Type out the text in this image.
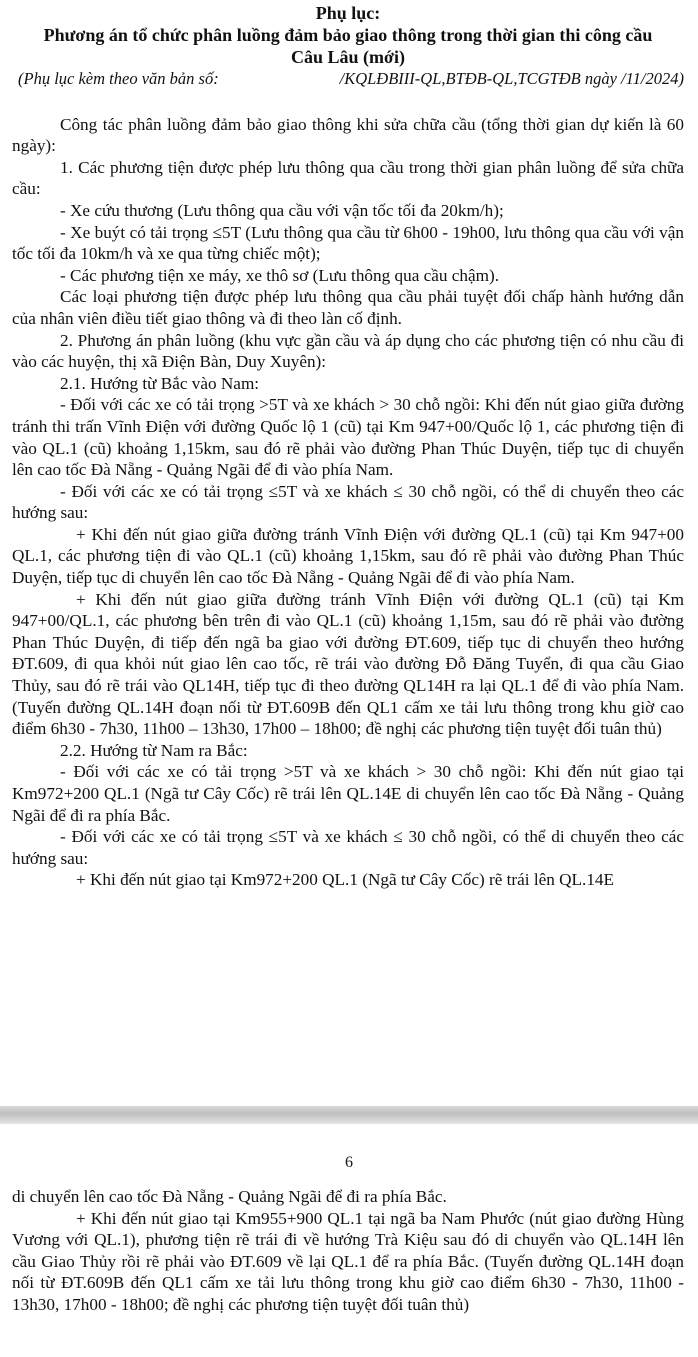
Phụ lục:

Phương án tổ chức phân luồng đảm bảo giao thông trong thời gian thi công cầu

Câu Lâu (mới)

(Phụ lục kèm theo văn bản số:	/KQLĐBIII-QL,BTĐB-QL,TCGTĐB ngày /11/2024)

Công tác phân luồng đảm bảo giao thông khi sửa chữa cầu (tổng thời gian dự kiến là 60 ngày):

1. Các phương tiện được phép lưu thông qua cầu trong thời gian phân luồng để sửa chữa cầu:

- Xe cứu thương (Lưu thông qua cầu với vận tốc tối đa 20km/h);

- Xe buýt có tải trọng ≤5T (Lưu thông qua cầu từ 6h00 - 19h00, lưu thông qua cầu với vận tốc tối đa 10km/h và xe qua từng chiếc một);

- Các phương tiện xe máy, xe thô sơ (Lưu thông qua cầu chậm).

Các loại phương tiện được phép lưu thông qua cầu phải tuyệt đối chấp hành hướng dẫn của nhân viên điều tiết giao thông và đi theo làn cố định.

2. Phương án phân luồng (khu vực gần cầu và áp dụng cho các phương tiện có nhu cầu đi vào các huyện, thị xã Điện Bàn, Duy Xuyên):

2.1. Hướng từ Bắc vào Nam:

- Đối với các xe có tải trọng >5T và xe khách > 30 chỗ ngồi: Khi đến nút giao giữa đường tránh thi trấn Vĩnh Điện với đường Quốc lộ 1 (cũ) tại Km 947+00/Quốc lộ 1, các phương tiện đi vào QL.1 (cũ) khoảng 1,15km, sau đó rẽ phải vào đường Phan Thúc Duyện, tiếp tục di chuyển lên cao tốc Đà Nẵng - Quảng Ngãi để đi vào phía Nam.

- Đối với các xe có tải trọng ≤5T và xe khách ≤ 30 chỗ ngồi, có thể di chuyển theo các hướng sau:

+ Khi đến nút giao giữa đường tránh Vĩnh Điện với đường QL.1 (cũ) tại Km 947+00 QL.1, các phương tiện đi vào QL.1 (cũ) khoảng 1,15km, sau đó rẽ phải vào đường Phan Thúc Duyện, tiếp tục di chuyển lên cao tốc Đà Nẵng - Quảng Ngãi để đi vào phía Nam.

+ Khi đến nút giao giữa đường tránh Vĩnh Điện với đường QL.1 (cũ) tại Km 947+00/QL.1, các phương bên trên đi vào QL.1 (cũ) khoảng 1,15m, sau đó rẽ phải vào đường Phan Thúc Duyện, đi tiếp đến ngã ba giao với đường ĐT.609, tiếp tục di chuyển theo hướng ĐT.609, đi qua khỏi nút giao lên cao tốc, rẽ trái vào đường Đỗ Đăng Tuyển, đi qua cầu Giao Thủy, sau đó rẽ trái vào QL14H, tiếp tục đi theo đường QL14H ra lại QL.1 để đi vào phía Nam. (Tuyến đường QL.14H đoạn nối từ ĐT.609B đến QL1 cấm xe tải lưu thông trong khu giờ cao điểm 6h30 - 7h30, 11h00 – 13h30, 17h00 – 18h00; đề nghị các phương tiện tuyệt đối tuân thủ)

2.2. Hướng từ Nam ra Bắc:

- Đối với các xe có tải trọng >5T và xe khách > 30 chỗ ngồi: Khi đến nút giao tại Km972+200 QL.1 (Ngã tư Cây Cốc) rẽ trái lên QL.14E di chuyển lên cao tốc Đà Nẵng - Quảng Ngãi để đi ra phía Bắc.

- Đối với các xe có tải trọng ≤5T và xe khách ≤ 30 chỗ ngồi, có thể di chuyển theo các hướng sau:

+ Khi đến nút giao tại Km972+200 QL.1 (Ngã tư Cây Cốc) rẽ trái lên QL.14E

6

di chuyển lên cao tốc Đà Nẵng - Quảng Ngãi để đi ra phía Bắc.

+ Khi đến nút giao tại Km955+900 QL.1 tại ngã ba Nam Phước (nút giao đường Hùng Vương với QL.1), phương tiện rẽ trái đi về hướng Trà Kiệu sau đó di chuyển vào QL.14H lên cầu Giao Thủy rồi rẽ phải vào ĐT.609 về lại QL.1 để ra phía Bắc. (Tuyến đường QL.14H đoạn nối từ ĐT.609B đến QL1 cấm xe tải lưu thông trong khu giờ cao điểm 6h30 - 7h30, 11h00 - 13h30, 17h00 - 18h00; đề nghị các phương tiện tuyệt đối tuân thủ)
